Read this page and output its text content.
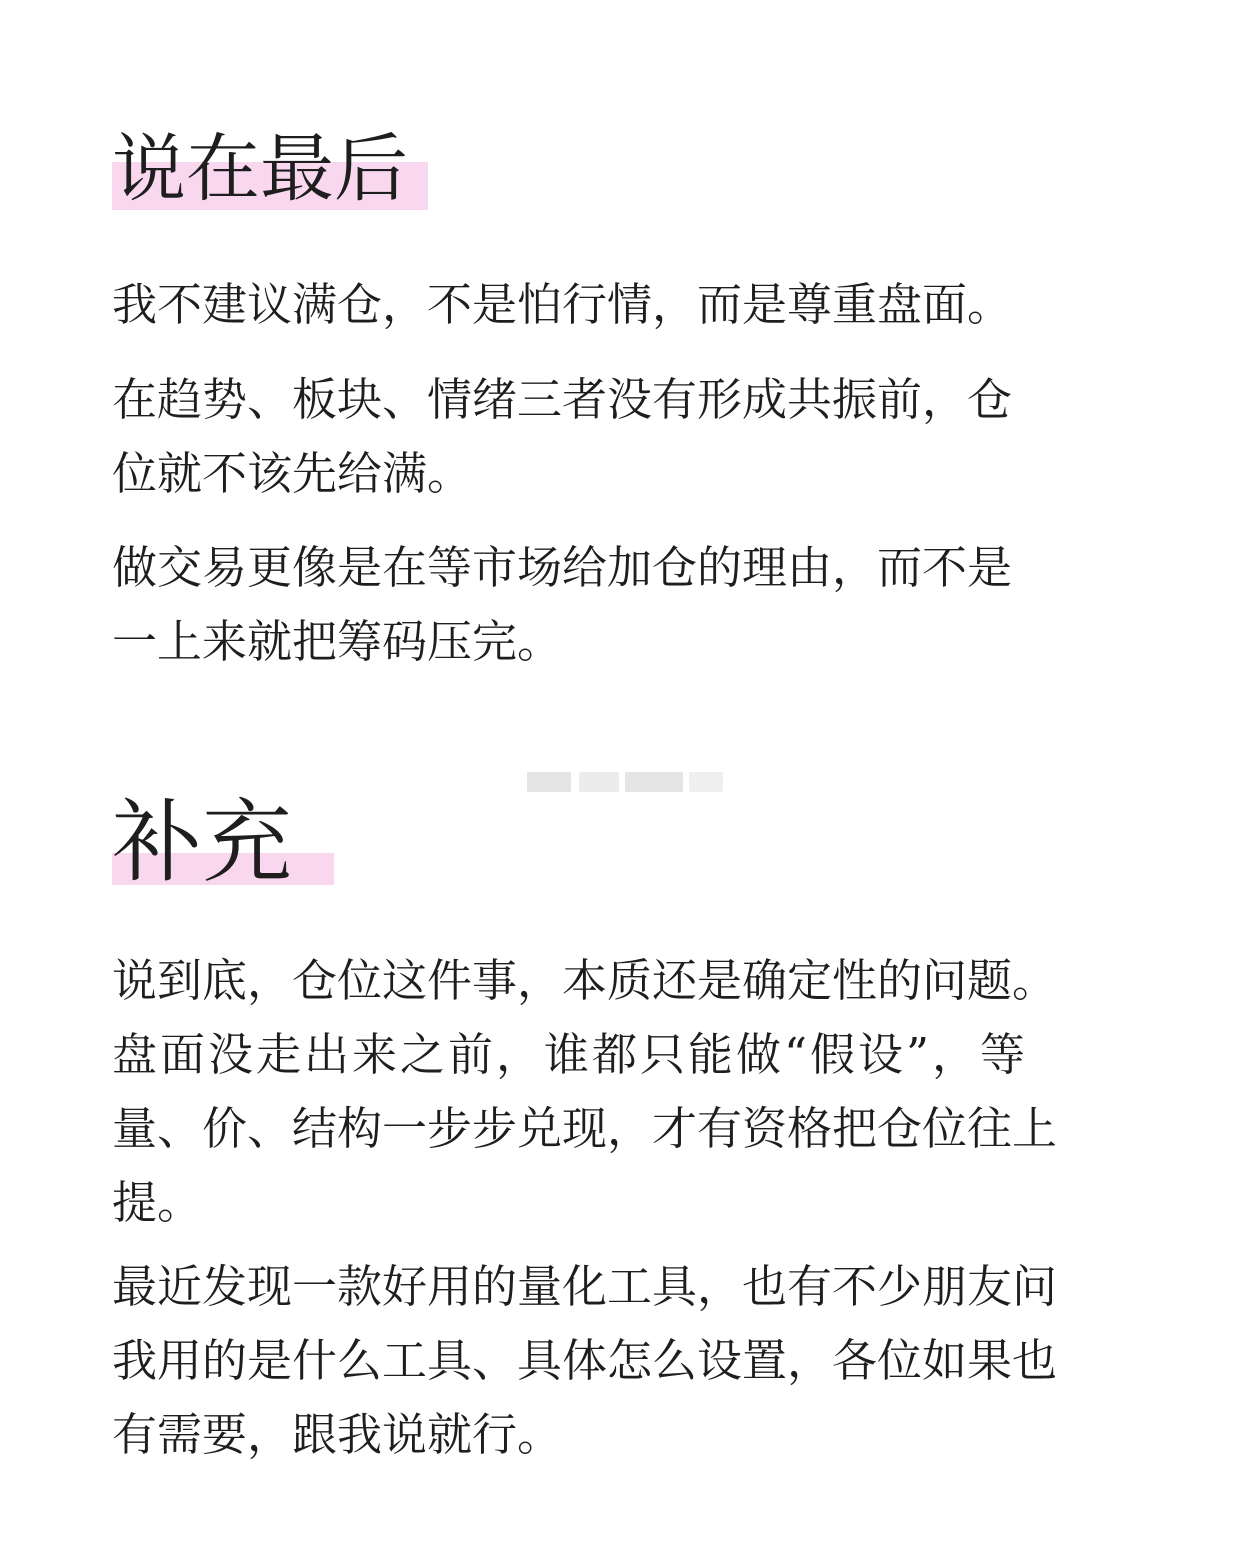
说在最后
我不建议满仓，不是怕行情，而是尊重盘面。
在趋势、板块、情绪三者没有形成共振前，仓
位就不该先给满。
做交易更像是在等市场给加仓的理由，而不是
一上来就把筹码压完。
补充
说到底，仓位这件事，本质还是确定性的问题。
盘面没走出来之前，谁都只能做“假设”，等
量、价、结构一步步兑现，才有资格把仓位往上
提。
最近发现一款好用的量化工具，也有不少朋友问
我用的是什么工具、具体怎么设置，各位如果也
有需要，跟我说就行。
